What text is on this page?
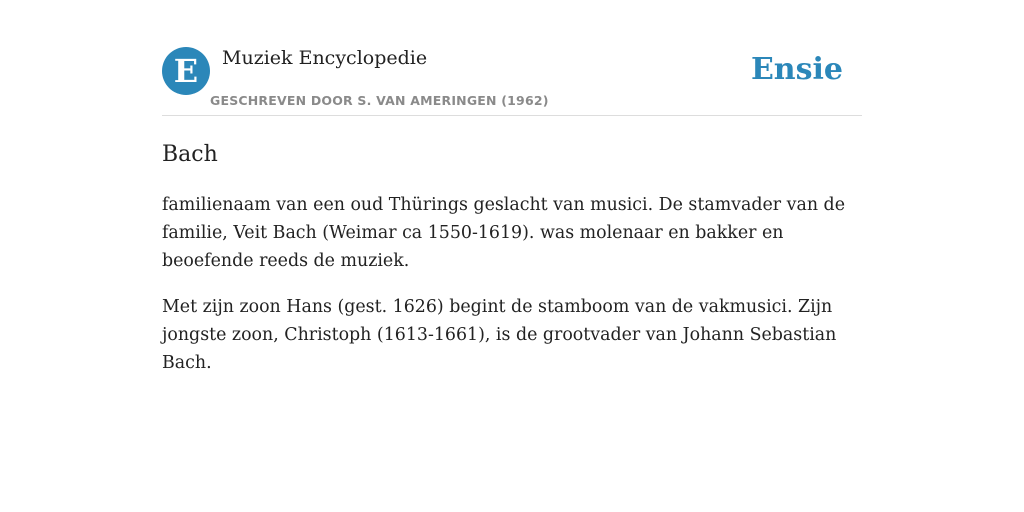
E	Muziek Encyclopedie
GESCHREVEN DOOR S. VAN AMERINGEN (1962)
Ensie
Bach

familienaam van een oud Thürings geslacht van musici. De stamvader van de familie, Veit Bach (Weimar ca 1550-1619). was molenaar en bakker en beoefende reeds de muziek.

Met zijn zoon Hans (gest. 1626) begint de stamboom van de vakmusici. Zijn jongste zoon, Christoph (1613-1661), is de grootvader van Johann Sebastian Bach.
